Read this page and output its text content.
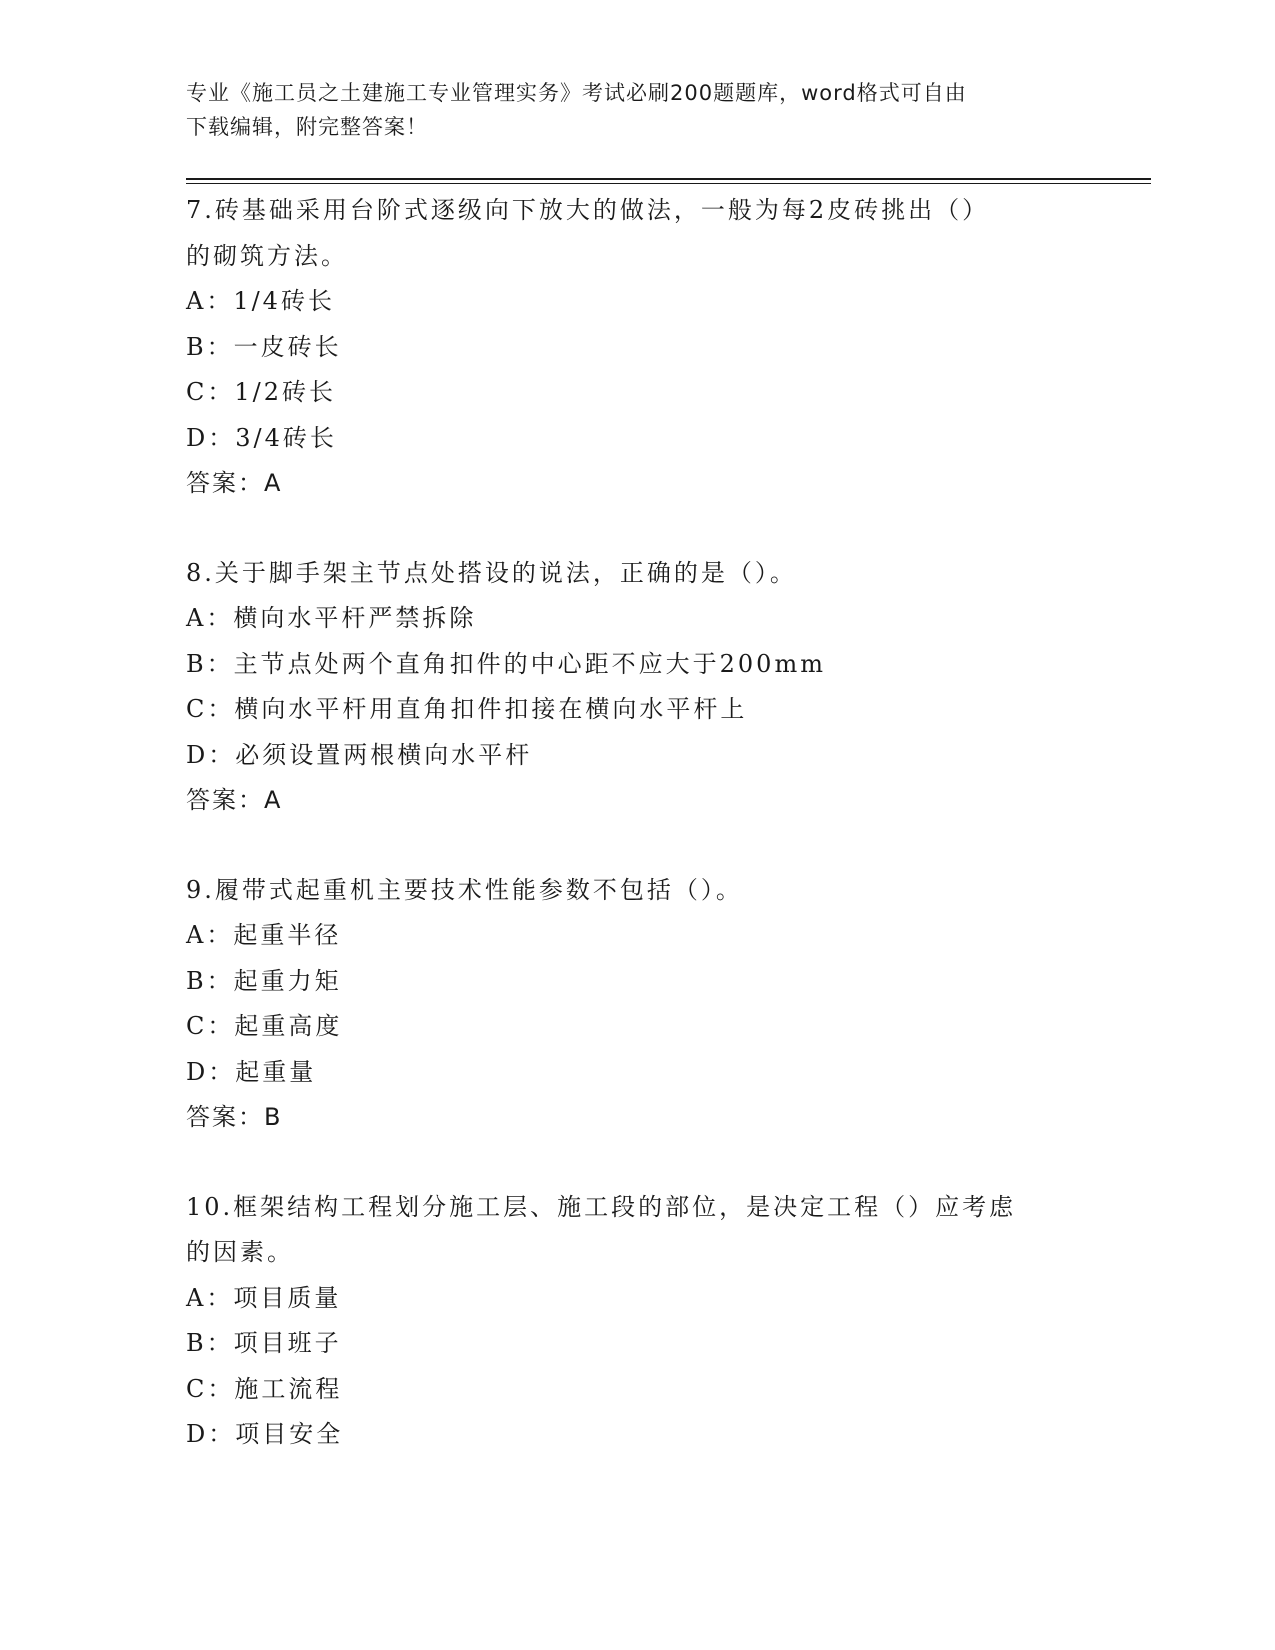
专业《施工员之土建施工专业管理实务》考试必刷200题题库，word格式可自由
下载编辑，附完整答案！
7.砖基础采用台阶式逐级向下放大的做法，一般为每2皮砖挑出（）
的砌筑方法。
A：1/4砖长
B：一皮砖长
C：1/2砖长
D：3/4砖长
答案：A
8.关于脚手架主节点处搭设的说法，正确的是（）。
A：横向水平杆严禁拆除
B：主节点处两个直角扣件的中心距不应大于200mm
C：横向水平杆用直角扣件扣接在横向水平杆上
D：必须设置两根横向水平杆
答案：A
9.履带式起重机主要技术性能参数不包括（）。
A：起重半径
B：起重力矩
C：起重高度
D：起重量
答案：B
10.框架结构工程划分施工层、施工段的部位，是决定工程（）应考虑
的因素。
A：项目质量
B：项目班子
C：施工流程
D：项目安全
